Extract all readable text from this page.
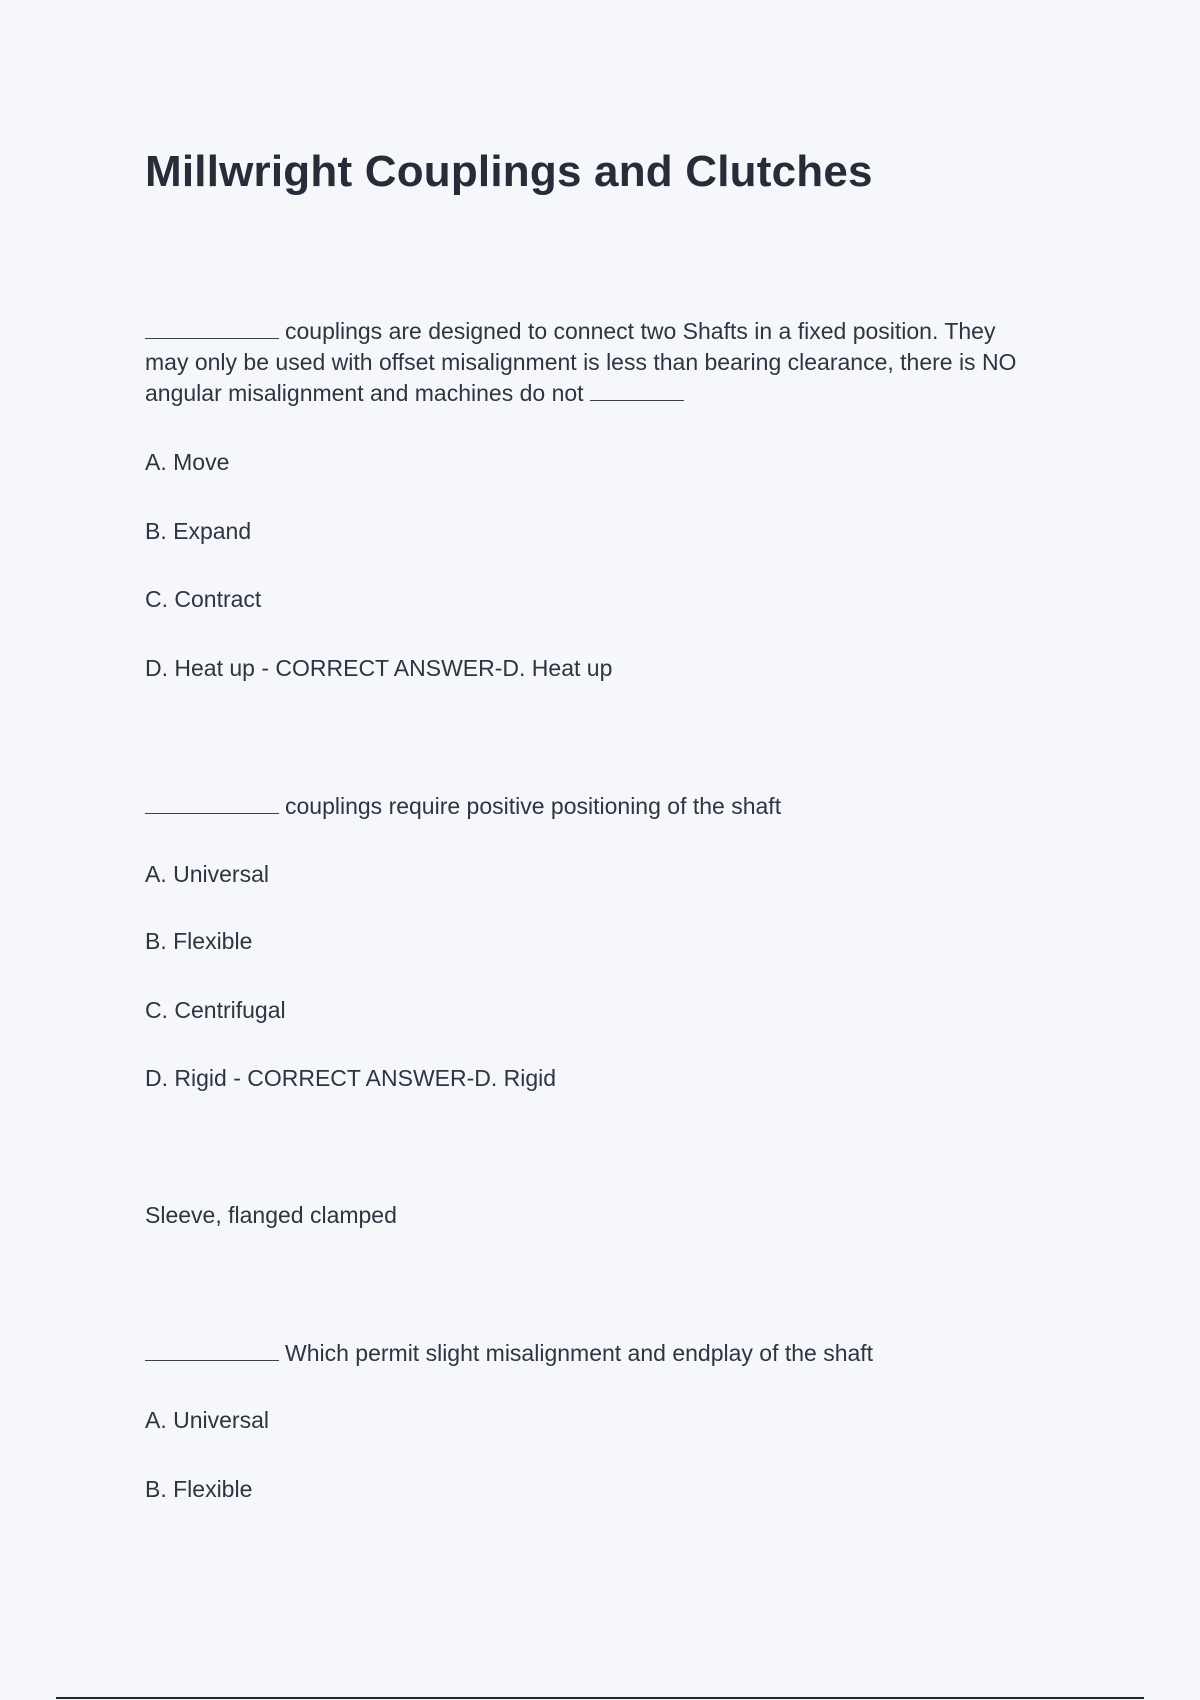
Millwright Couplings and Clutches
couplings are designed to connect two Shafts in a fixed position. They may only be used with offset misalignment is less than bearing clearance, there is NO angular misalignment and machines do not
A. Move
B. Expand
C. Contract
D. Heat up - CORRECT ANSWER-D. Heat up
couplings require positive positioning of the shaft
A. Universal
B. Flexible
C. Centrifugal
D. Rigid - CORRECT ANSWER-D. Rigid
Sleeve, flanged clamped
Which permit slight misalignment and endplay of the shaft
A. Universal
B. Flexible
